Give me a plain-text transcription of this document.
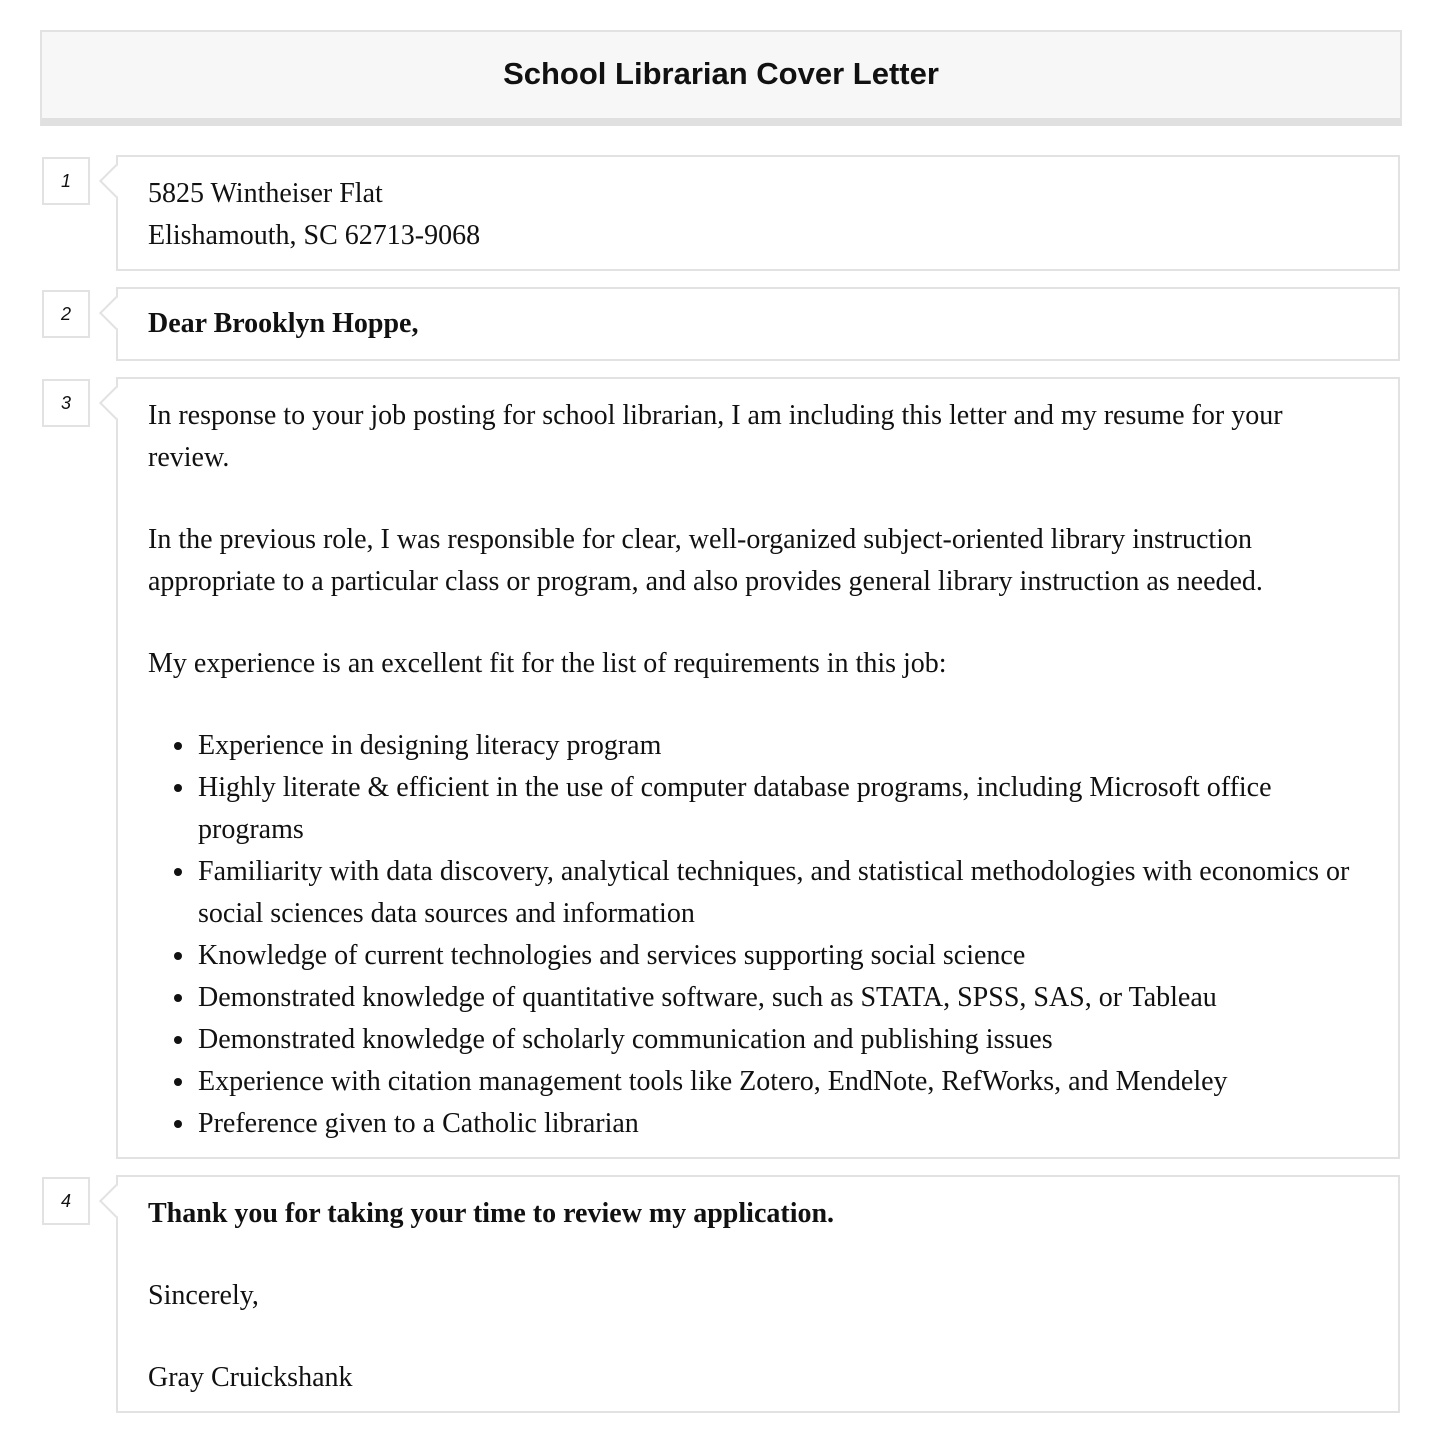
School Librarian Cover Letter
1	5825 Wintheiser Flat

Elishamouth, SC 62713-9068

2	Dear Brooklyn Hoppe,

3	In response to your job posting for school librarian, I am including this letter and my resume for your review.

In the previous role, I was responsible for clear, well-organized subject-oriented library instruction appropriate to a particular class or program, and also provides general library instruction as needed.

My experience is an excellent fit for the list of requirements in this job:

Experience in designing literacy program
Highly literate & efficient in the use of computer database programs, including Microsoft office programs
Familiarity with data discovery, analytical techniques, and statistical methodologies with economics or social sciences data sources and information
Knowledge of current technologies and services supporting social science
Demonstrated knowledge of quantitative software, such as STATA, SPSS, SAS, or Tableau
Demonstrated knowledge of scholarly communication and publishing issues
Experience with citation management tools like Zotero, EndNote, RefWorks, and Mendeley
Preference given to a Catholic librarian
4	Thank you for taking your time to review my application.

Sincerely,

Gray Cruickshank
